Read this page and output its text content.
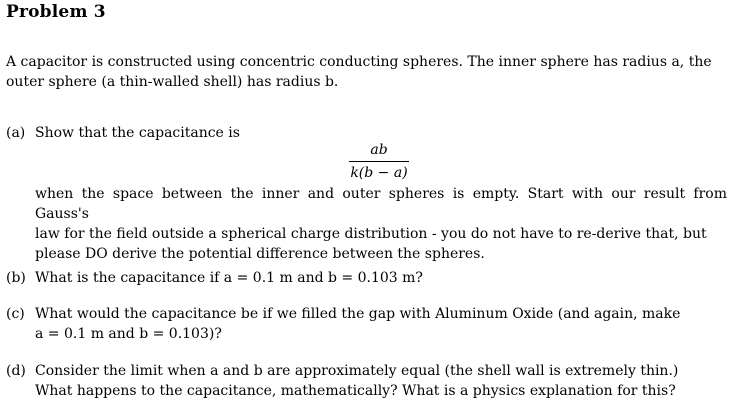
Problem 3
A capacitor is constructed using concentric conducting spheres. The inner sphere has radius a, the
outer sphere (a thin-walled shell) has radius b.
(a) Show that the capacitance is
ab
k(b − a)
when the space between the inner and outer spheres is empty. Start with our result from Gauss's
law for the field outside a spherical charge distribution - you do not have to re-derive that, but
please DO derive the potential difference between the spheres.
(b) What is the capacitance if a = 0.1 m and b = 0.103 m?
(c) What would the capacitance be if we filled the gap with Aluminum Oxide (and again, make
a = 0.1 m and b = 0.103)?
(d) Consider the limit when a and b are approximately equal (the shell wall is extremely thin.)
What happens to the capacitance, mathematically? What is a physics explanation for this?
